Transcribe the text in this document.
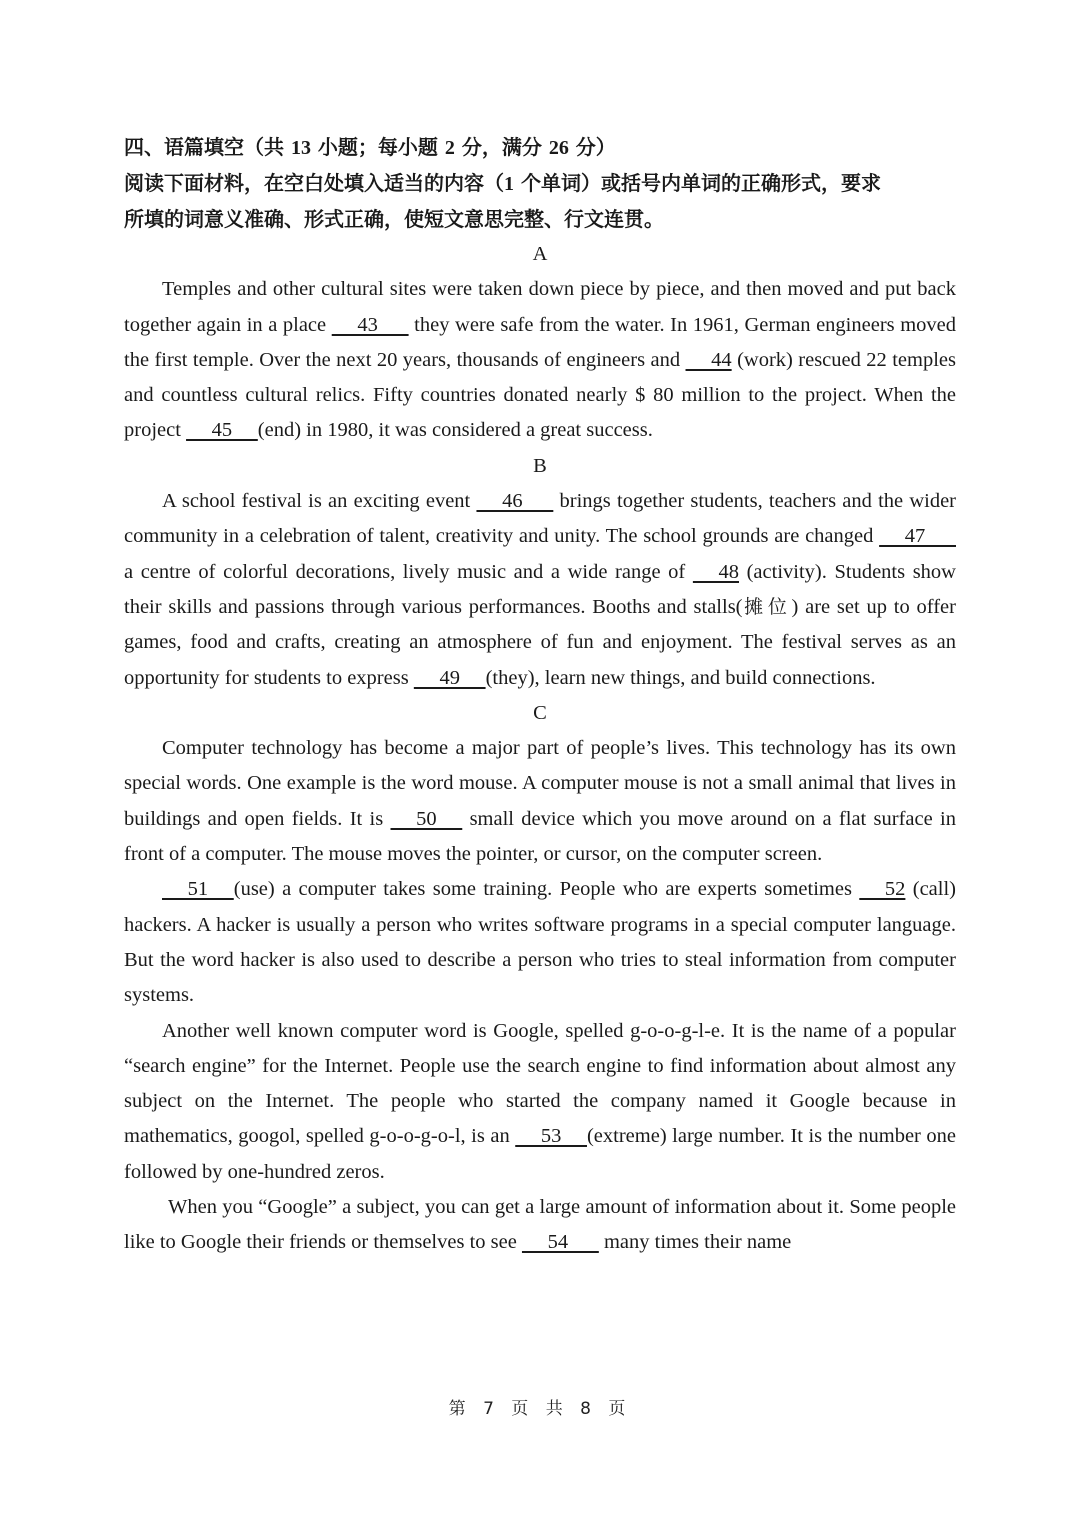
四、语篇填空（共 13 小题；每小题 2 分，满分 26 分）

阅读下面材料，在空白处填入适当的内容（1 个单词）或括号内单词的正确形式，要求
所填的词意义准确、形式正确，使短文意思完整、行文连贯。

A

Temples and other cultural sites were taken down piece by piece, and then moved and put back together again in a place      43       they were safe from the water. In 1961, German engineers moved the first temple. Over the next 20 years, thousands of engineers and      44 (work) rescued 22 temples and countless cultural relics. Fifty countries donated nearly $ 80 million to the project. When the project      45     (end) in 1980, it was considered a great success.

B

A school festival is an exciting event      46       brings together students, teachers and the wider community in a celebration of talent, creativity and unity. The school grounds are changed      47       a centre of colorful decorations, lively music and a wide range of      48 (activity). Students show their skills and passions through various performances. Booths and stalls(摊位) are set up to offer games, food and crafts, creating an atmosphere of fun and enjoyment. The festival serves as an opportunity for students to express      49     (they), learn new things, and build connections.

C

Computer technology has become a major part of people’s lives. This technology has its own special words. One example is the word mouse. A computer mouse is not a small animal that lives in buildings and open fields. It is      50      small device which you move around on a flat surface in front of a computer. The mouse moves the pointer, or cursor, on the computer screen.

51     (use) a computer takes some training. People who are experts sometimes      52 (call) hackers. A hacker is usually a person who writes software programs in a special computer language. But the word hacker is also used to describe a person who tries to steal information from computer systems.

Another well known computer word is Google, spelled g-o-o-g-l-e. It is the name of a popular “search engine” for the Internet. People use the search engine to find information about almost any subject on the Internet. The people who started the company named it Google because in mathematics, googol, spelled g-o-o-g-o-l, is an      53     (extreme) large number. It is the number one followed by one-hundred zeros.

When you “Google” a subject, you can get a large amount of information about it. Some people like to Google their friends or themselves to see      54       many times their name

第 7 页 共 8 页
